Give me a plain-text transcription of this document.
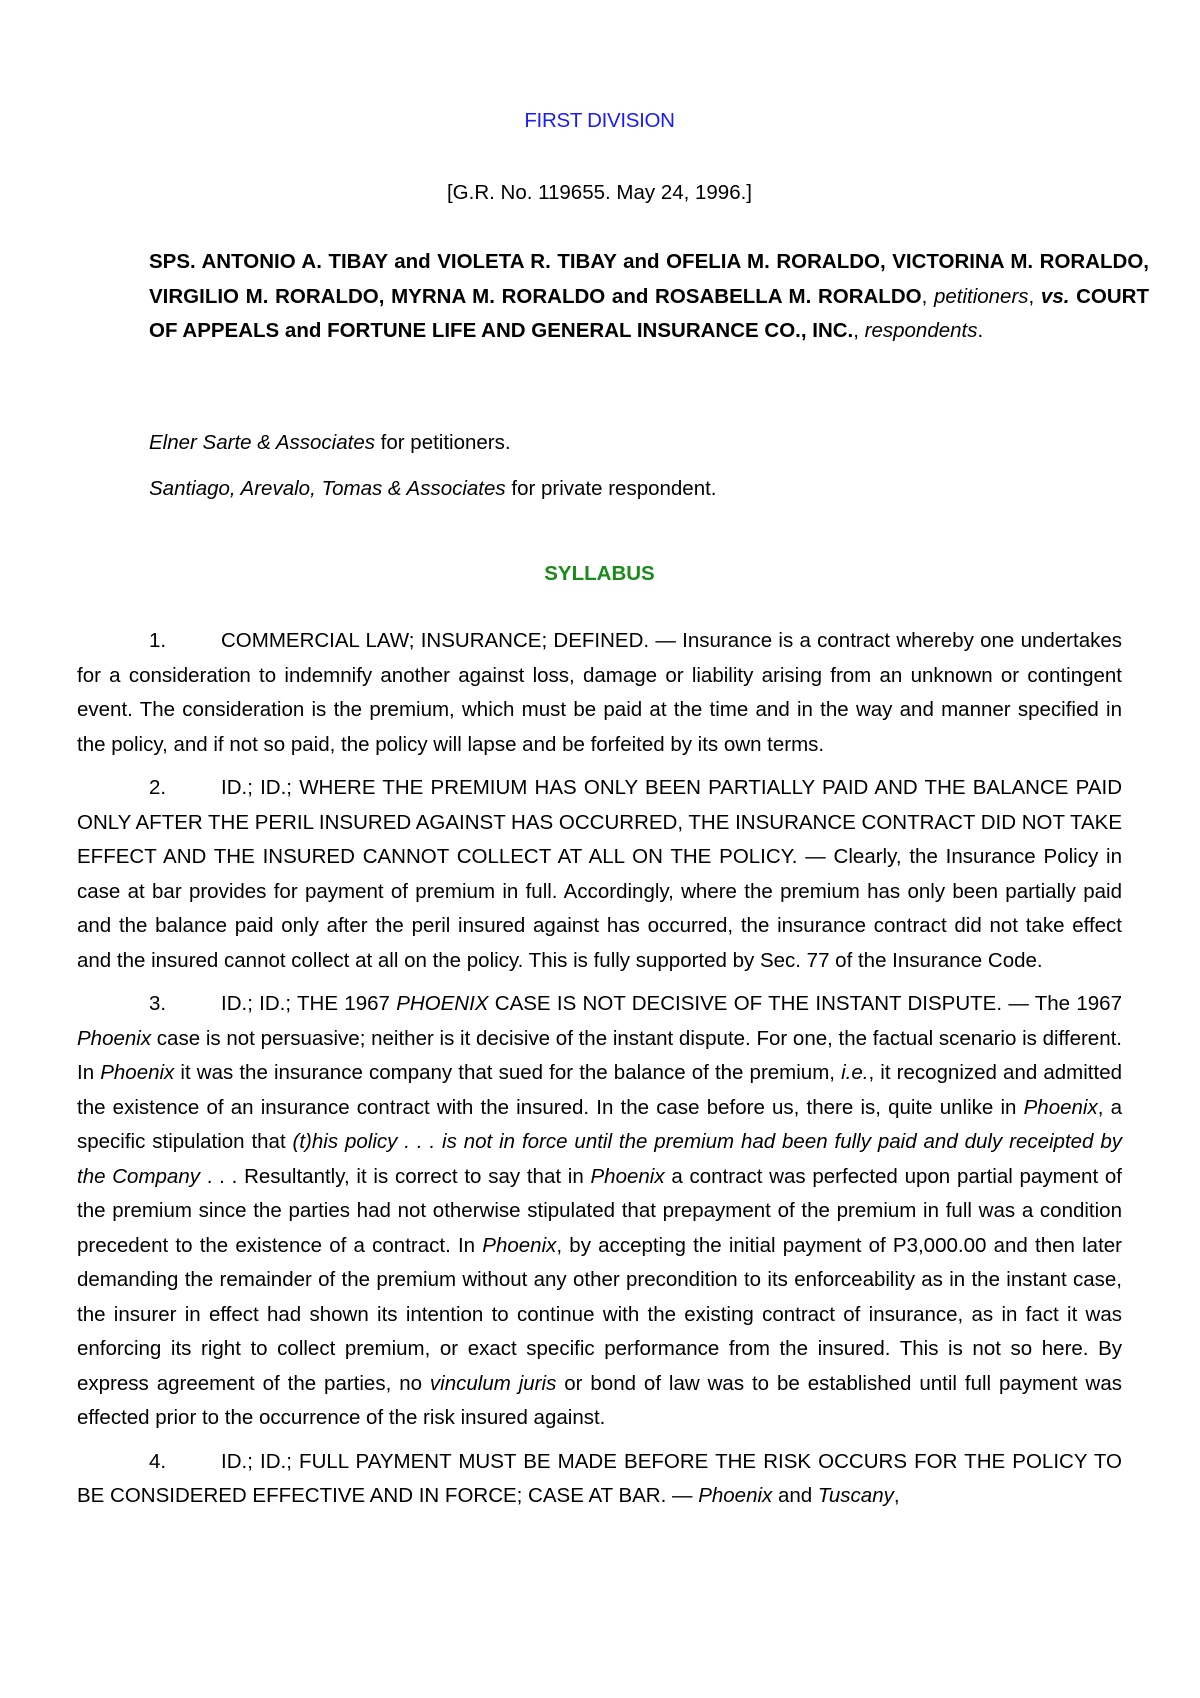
FIRST DIVISION
[G.R. No. 119655. May 24, 1996.]
SPS. ANTONIO A. TIBAY and VIOLETA R. TIBAY and OFELIA M. RORALDO, VICTORINA M. RORALDO, VIRGILIO M. RORALDO, MYRNA M. RORALDO and ROSABELLA M. RORALDO, petitioners, vs. COURT OF APPEALS and FORTUNE LIFE AND GENERAL INSURANCE CO., INC., respondents.
Elner Sarte & Associates for petitioners.
Santiago, Arevalo, Tomas & Associates for private respondent.
SYLLABUS

1.	COMMERCIAL LAW; INSURANCE; DEFINED. — Insurance is a contract whereby one undertakes for a consideration to indemnify another against loss, damage or liability arising from an unknown or contingent event. The consideration is the premium, which must be paid at the time and in the way and manner specified in the policy, and if not so paid, the policy will lapse and be forfeited by its own terms.

2.	ID.; ID.; WHERE THE PREMIUM HAS ONLY BEEN PARTIALLY PAID AND THE BALANCE PAID ONLY AFTER THE PERIL INSURED AGAINST HAS OCCURRED, THE INSURANCE CONTRACT DID NOT TAKE EFFECT AND THE INSURED CANNOT COLLECT AT ALL ON THE POLICY. — Clearly, the Insurance Policy in case at bar provides for payment of premium in full. Accordingly, where the premium has only been partially paid and the balance paid only after the peril insured against has occurred, the insurance contract did not take effect and the insured cannot collect at all on the policy. This is fully supported by Sec. 77 of the Insurance Code.

3.	ID.; ID.; THE 1967 PHOENIX CASE IS NOT DECISIVE OF THE INSTANT DISPUTE. — The 1967 Phoenix case is not persuasive; neither is it decisive of the instant dispute. For one, the factual scenario is different. In Phoenix it was the insurance company that sued for the balance of the premium, i.e., it recognized and admitted the existence of an insurance contract with the insured. In the case before us, there is, quite unlike in Phoenix, a specific stipulation that (t)his policy . . . is not in force until the premium had been fully paid and duly receipted by the Company . . . Resultantly, it is correct to say that in Phoenix a contract was perfected upon partial payment of the premium since the parties had not otherwise stipulated that prepayment of the premium in full was a condition precedent to the existence of a contract. In Phoenix, by accepting the initial payment of P3,000.00 and then later demanding the remainder of the premium without any other precondition to its enforceability as in the instant case, the insurer in effect had shown its intention to continue with the existing contract of insurance, as in fact it was enforcing its right to collect premium, or exact specific performance from the insured. This is not so here. By express agreement of the parties, no vinculum juris or bond of law was to be established until full payment was effected prior to the occurrence of the risk insured against.

4.	ID.; ID.; FULL PAYMENT MUST BE MADE BEFORE THE RISK OCCURS FOR THE POLICY TO BE CONSIDERED EFFECTIVE AND IN FORCE; CASE AT BAR. — Phoenix and Tuscany,
